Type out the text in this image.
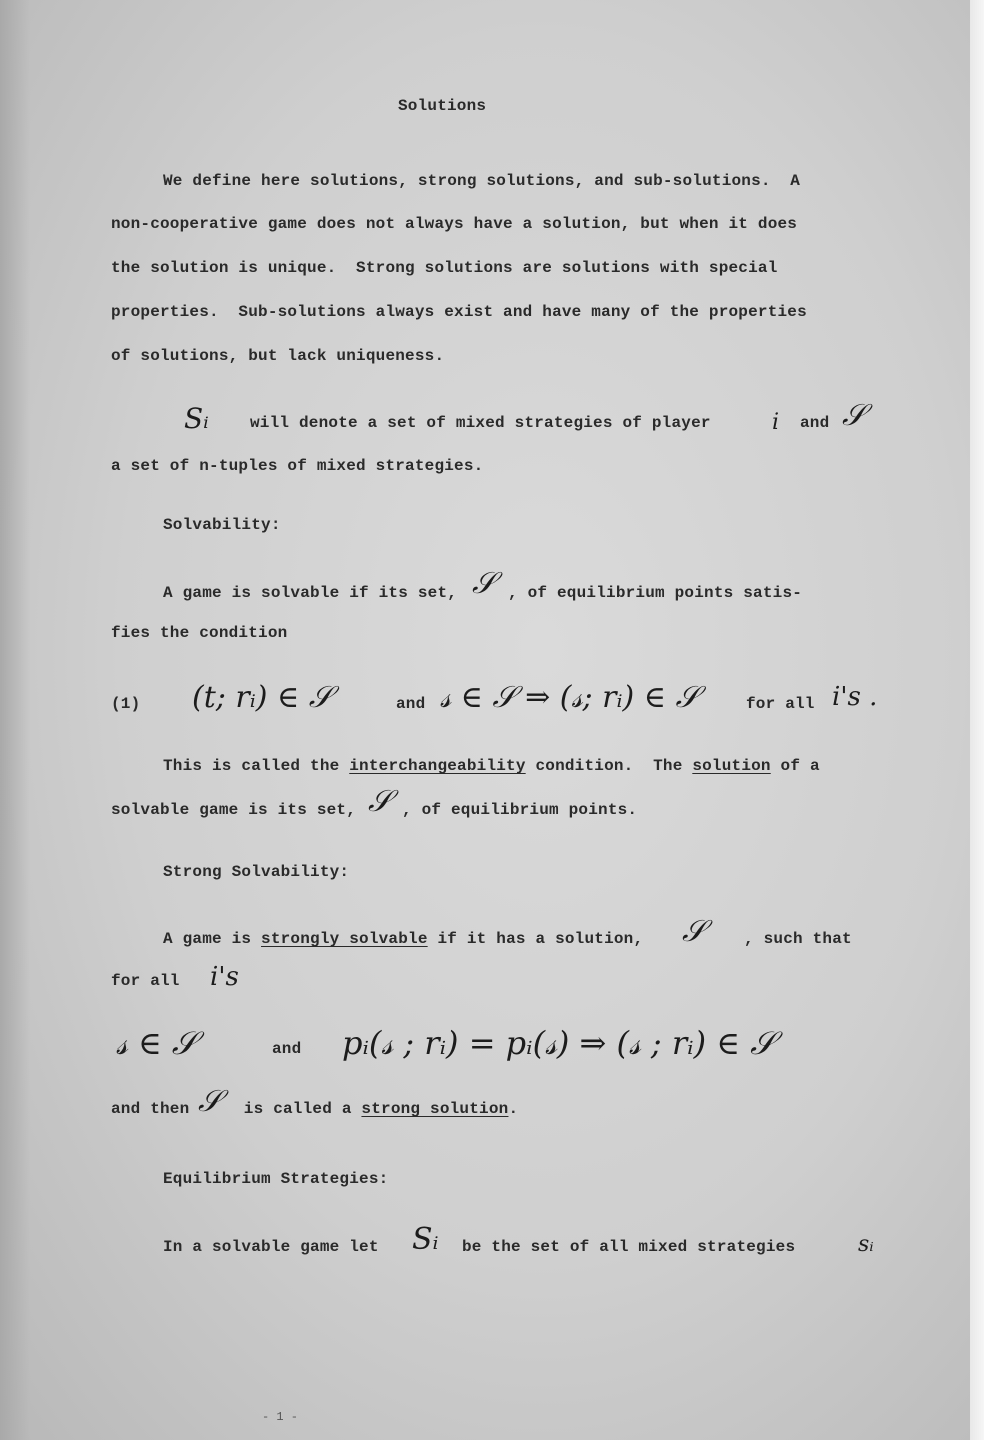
Solutions
We define here solutions, strong solutions, and sub-solutions.  A
non-cooperative game does not always have a solution, but when it does
the solution is unique.  Strong solutions are solutions with special
properties.  Sub-solutions always exist and have many of the properties
of solutions, but lack uniqueness.
Sᵢ	will denote a set of mixed strategies of player	i and 𝒮
a set of n-tuples of mixed strategies.
Solvability:
A game is solvable if its set, 𝒮 , of equilibrium points satis-
fies the condition
(1) (t; rᵢ) ∈ 𝒮	and 𝓈 ∈ 𝒮 ⇒ (𝓈; rᵢ) ∈ 𝒮	for all i's .
This is called the interchangeability condition.  The solution of a
solvable game is its set, 𝒮 , of equilibrium points.
Strong Solvability:
A game is strongly solvable if it has a solution, 𝒮 , such that
for all i's
𝓈 ∈ 𝒮	and pᵢ(𝓈 ; rᵢ) = pᵢ(𝓈) ⇒ (𝓈 ; rᵢ) ∈ 𝒮
and then 𝒮 is called a strong solution.
Equilibrium Strategies:
In a solvable game let Sᵢ be the set of all mixed strategies	sᵢ
- 1 -
